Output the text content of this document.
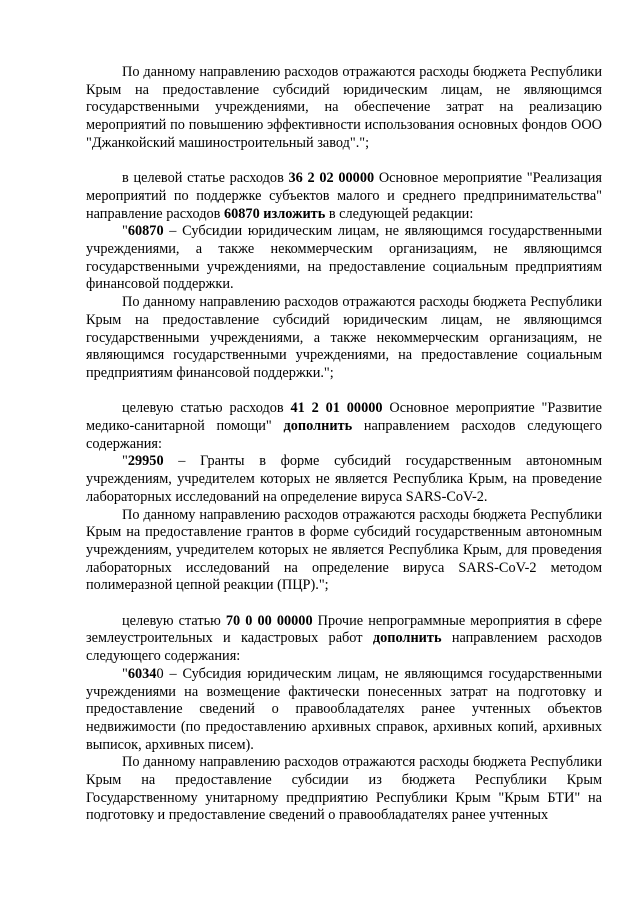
По данному направлению расходов отражаются расходы бюджета Республики Крым на предоставление субсидий юридическим лицам, не являющимся государственными учреждениями, на обеспечение затрат на реализацию мероприятий по повышению эффективности использования основных фондов ООО "Джанкойский машиностроительный завод".";

в целевой статье расходов 36 2 02 00000 Основное мероприятие "Реализация мероприятий по поддержке субъектов малого и среднего предпринимательства" направление расходов 60870 изложить в следующей редакции:

"60870 – Субсидии юридическим лицам, не являющимся государственными учреждениями, а также некоммерческим организациям, не являющимся государственными учреждениями, на предоставление социальным предприятиям финансовой поддержки.

По данному направлению расходов отражаются расходы бюджета Республики Крым на предоставление субсидий юридическим лицам, не являющимся государственными учреждениями, а также некоммерческим организациям, не являющимся государственными учреждениями, на предоставление социальным предприятиям финансовой поддержки.";

целевую статью расходов 41 2 01 00000 Основное мероприятие "Развитие медико-санитарной помощи" дополнить направлением расходов следующего содержания:

"29950 – Гранты в форме субсидий государственным автономным учреждениям, учредителем которых не является Республика Крым, на проведение лабораторных исследований на определение вируса SARS-CoV-2.

По данному направлению расходов отражаются расходы бюджета Республики Крым на предоставление грантов в форме субсидий государственным автономным учреждениям, учредителем которых не является Республика Крым, для проведения лабораторных исследований на определение вируса SARS-CoV-2 методом полимеразной цепной реакции (ПЦР).";

целевую статью 70 0 00 00000 Прочие непрограммные мероприятия в сфере землеустроительных и кадастровых работ дополнить направлением расходов следующего содержания:

"60340 – Субсидия юридическим лицам, не являющимся государственными учреждениями на возмещение фактически понесенных затрат на подготовку и предоставление сведений о правообладателях ранее учтенных объектов недвижимости (по предоставлению архивных справок, архивных копий, архивных выписок, архивных писем).

По данному направлению расходов отражаются расходы бюджета Республики Крым на предоставление субсидии из бюджета Республики Крым Государственному унитарному предприятию Республики Крым "Крым БТИ" на подготовку и предоставление сведений о правообладателях ранее учтенных
